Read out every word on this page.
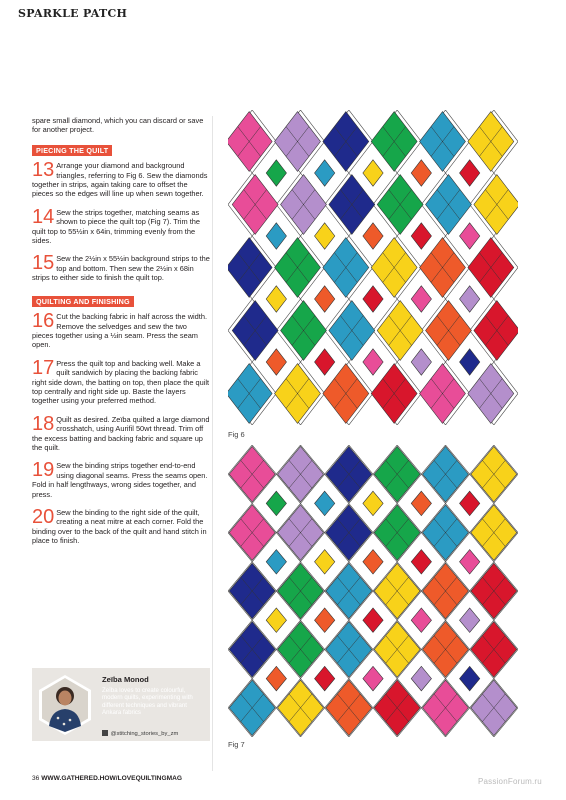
SPARKLE PATCH

spare small diamond, which you can discard or save for another project.

PIECING THE QUILT
13 Arrange your diamond and background triangles, referring to Fig 6. Sew the diamonds together in strips, again taking care to offset the pieces so the edges will line up when sewn together.
14 Sew the strips together, matching seams as shown to piece the quilt top (Fig 7). Trim the quilt top to 55½in x 64in, trimming evenly from the sides.
15 Sew the 2½in x 55½in background strips to the top and bottom. Then sew the 2½in x 68in strips to either side to finish the quilt top.
QUILTING AND FINISHING
16 Cut the backing fabric in half across the width. Remove the selvedges and sew the two pieces together using a ½in seam. Press the seam open.
17 Press the quilt top and backing well. Make a quilt sandwich by placing the backing fabric right side down, the batting on top, then place the quilt top centrally and right side up. Baste the layers together using your preferred method.
18 Quilt as desired. Zeïba quilted a large diamond crosshatch, using Aurifil 50wt thread. Trim off the excess batting and backing fabric and square up the quilt.
19 Sew the binding strips together end-to-end using diagonal seams. Press the seams open. Fold in half lengthways, wrong sides together, and press.
20 Sew the binding to the right side of the quilt, creating a neat mitre at each corner. Fold the binding over to the back of the quilt and hand stitch in place to finish.
Zeïba Monod
Zeïba loves to create colourful, modern quilts, experimenting with different techniques and vibrant Ankara fabrics
@stitching_stories_by_zm
Fig 6
Fig 7
36 WWW.GATHERED.HOW/LOVEQUILTINGMAG	PassionForum.ru
